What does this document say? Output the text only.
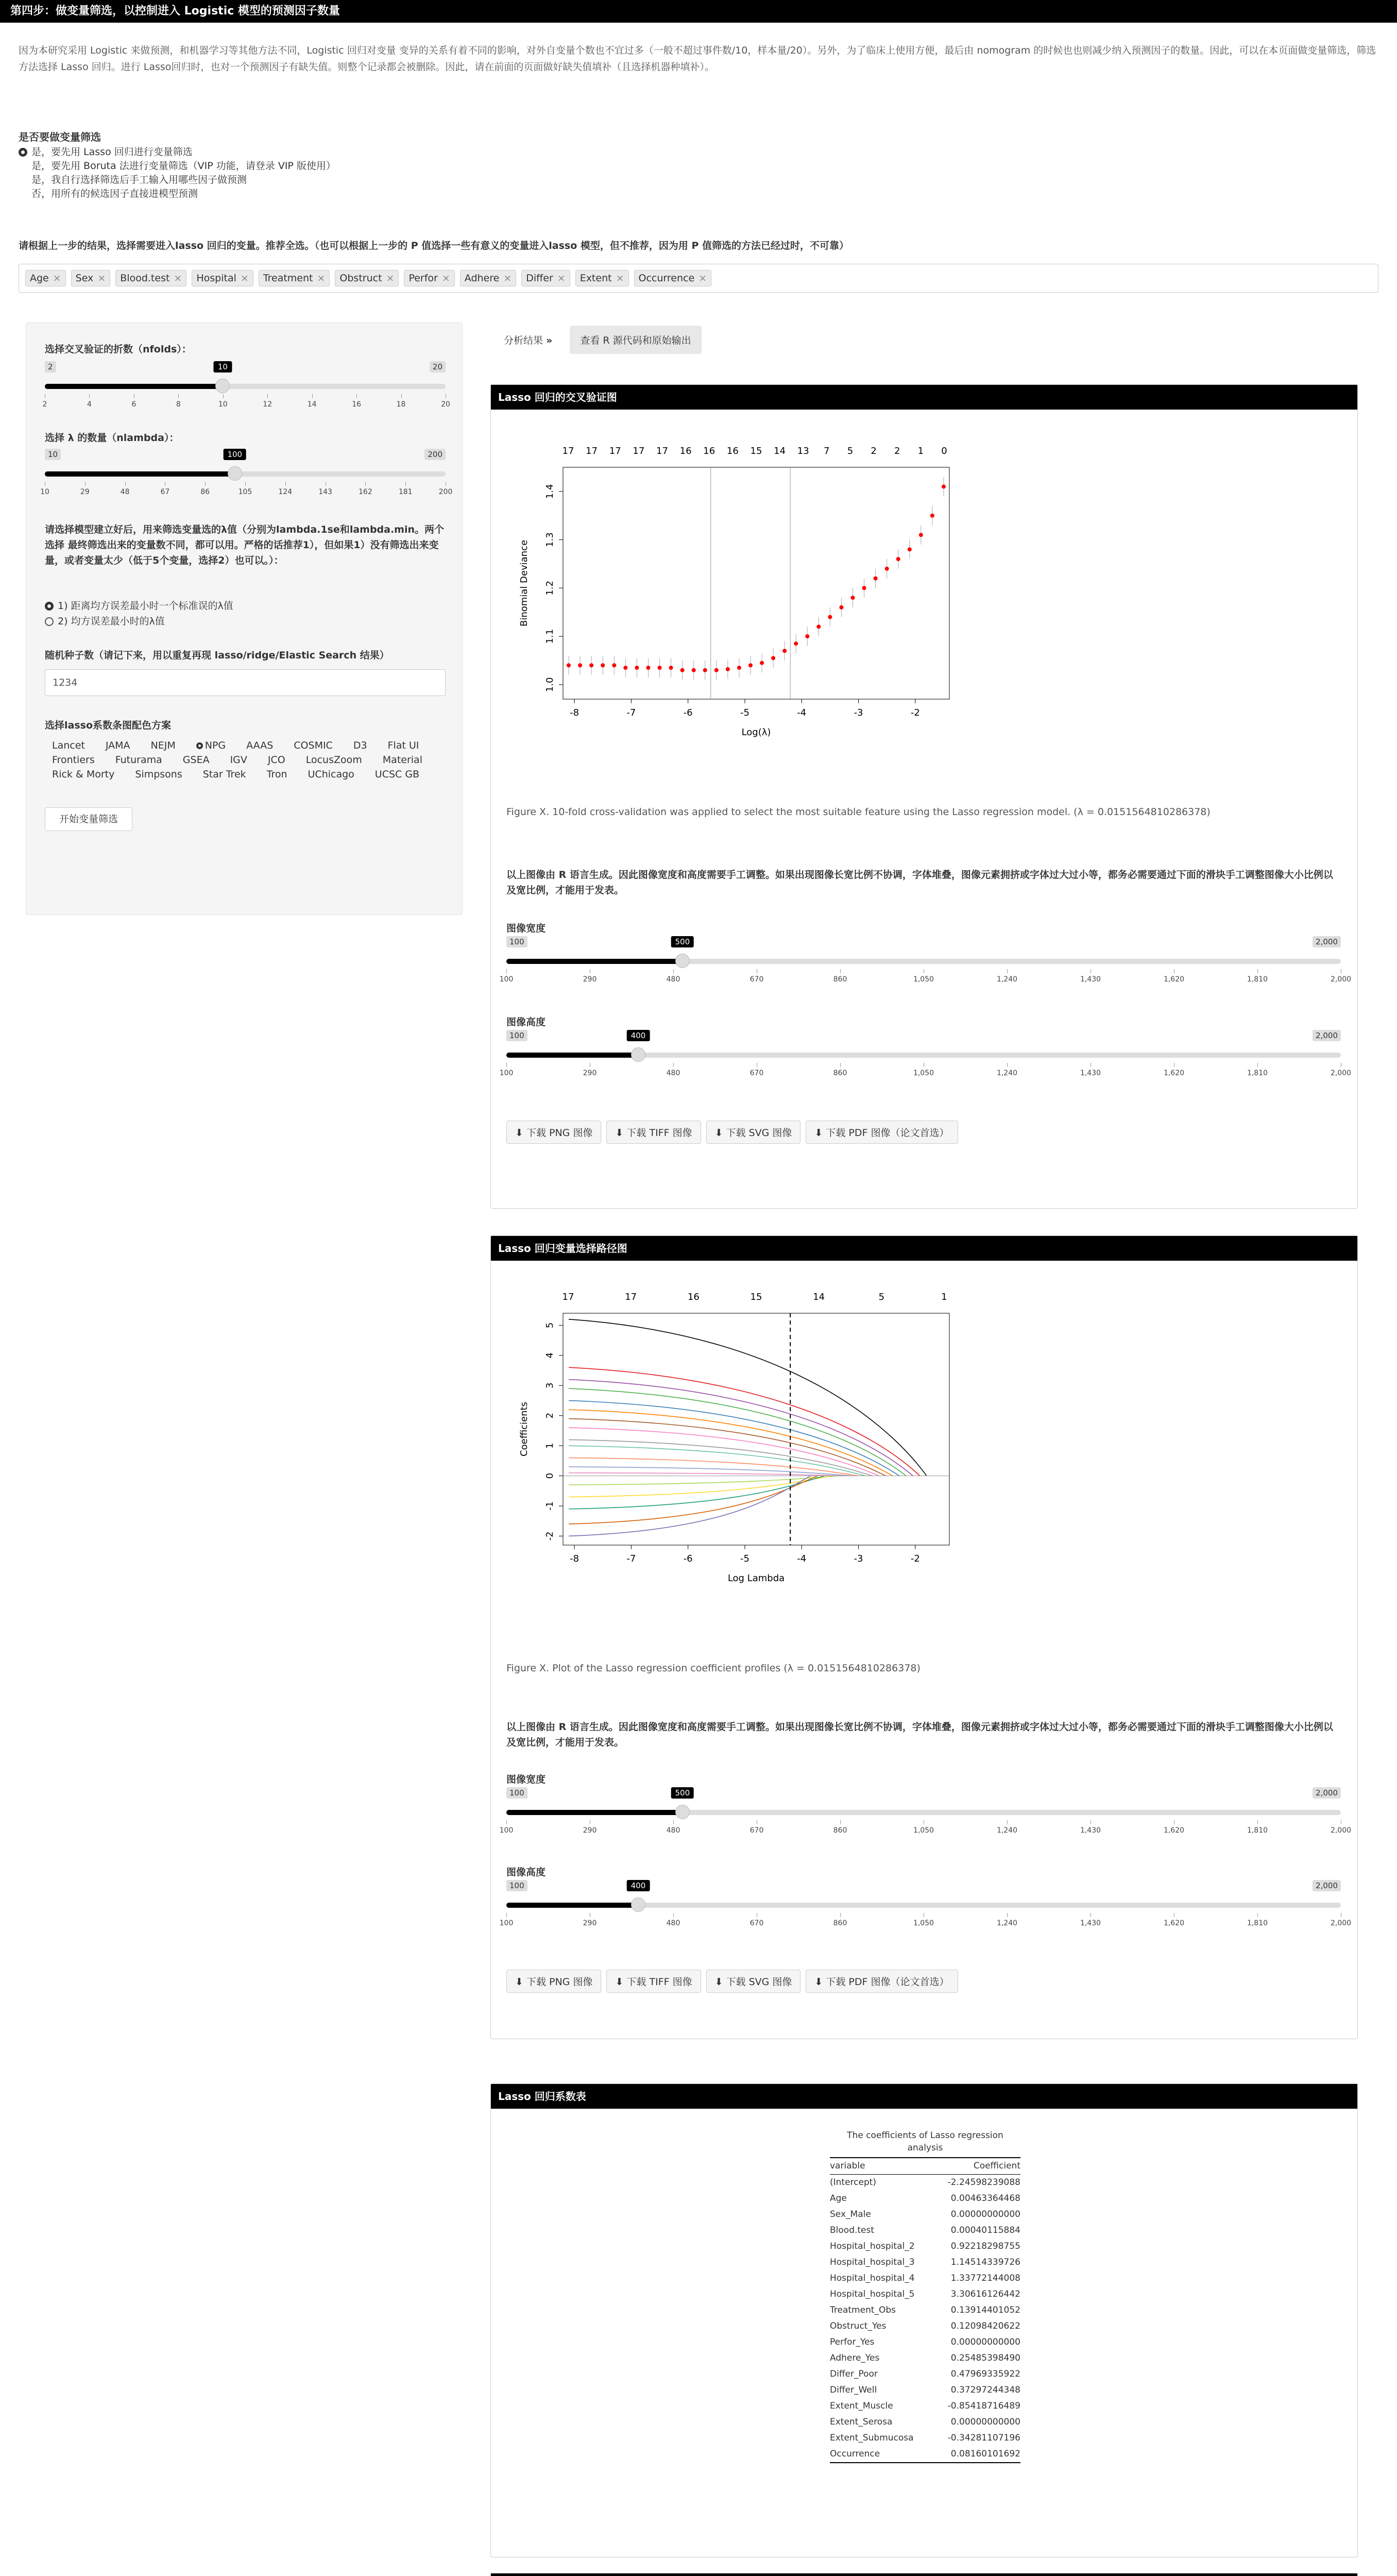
第四步：做变量筛选，以控制进入 Logistic 模型的预测因子数量
因为本研究采用 Logistic 来做预测，和机器学习等其他方法不同，Logistic 回归对变量 变异的关系有着不同的影响，对外自变量个数也不宜过多（一般不超过事件数/10，样本量/20）。另外，为了临床上使用方便，最后由 nomogram 的时候也也则减少纳入预测因子的数量。因此，可以在本页面做变量筛选，筛选方法选择 Lasso 回归。进行 Lasso回归时，也对一个预测因子有缺失值。则整个记录都会被删除。因此，请在前面的页面做好缺失值填补（且选择机器种填补）。
是否要做变量筛选
是，要先用 Lasso 回归进行变量筛选
是，要先用 Boruta 法进行变量筛选（VIP 功能，请登录 VIP 版使用）
是，我自行选择筛选后手工输入用哪些因子做预测
否，用所有的候选因子直接进模型预测
请根据上一步的结果，选择需要进入lasso 回归的变量。推荐全选。（也可以根据上一步的 P 值选择一些有意义的变量进入lasso 模型，但不推荐，因为用 P 值筛选的方法已经过时，不可靠）
Age × Sex × Blood.test × Hospital × Treatment × Obstruct × Perfor × Adhere × Differ × Extent × Occurrence ×
选择交叉验证的折数（nfolds）：
2	20
10
2	4	6	8	10	12	14	16	18	20
选择 λ 的数量（nlambda）：
10	200
100
10	29	48	67	86	105	124	143	162	181	200
请选择模型建立好后，用来筛选变量选的λ值（分别为lambda.1se和lambda.min。两个选择 最终筛选出来的变量数不同，都可以用。严格的话推荐1），但如果1）没有筛选出来变量，或者变量太少（低于5个变量，选择2）也可以。）：
1) 距离均方误差最小时一个标准误的λ值
2) 均方误差最小时的λ值
随机种子数（请记下来，用以重复再现 lasso/ridge/Elastic Search 结果）
1234
选择lasso系数条图配色方案
Lancet JAMA NEJM	NPG AAAS COSMIC D3 Flat UIFrontiers Futurama GSEA IGV JCO LocusZoom MaterialRick & Morty Simpsons Star Trek Tron UChicago UCSC GB
开始变量筛选
分析结果 »	查看 R 源代码和原始输出
Lasso 回归的交叉验证图
-8	-7	-6	-5	-4	-3	-2
1.0
1.1
1.2
1.3
1.4
17 17 17 17 17 16 16 16 15 14 13 7 5 2 2 1 0
Log(λ)
Binomial Deviance
Figure X. 10-fold cross-validation was applied to select the most suitable feature using the Lasso regression model. (λ = 0.0151564810286378)
以上图像由 R 语言生成。因此图像宽度和高度需要手工调整。如果出现图像长宽比例不协调，字体堆叠，图像元素拥挤或字体过大过小等，都务必需要通过下面的滑块手工调整图像大小比例以及宽比例，才能用于发表。
图像宽度
100	2,000
500
100	290	480	670	860	1,050	1,240	1,430	1,620	1,810	2,000
图像高度
100	2,000
400
100	290	480	670	860	1,050	1,240	1,430	1,620	1,810	2,000
⬇ 下载 PNG 图像	⬇ 下载 TIFF 图像	⬇ 下载 SVG 图像	⬇ 下载 PDF 图像（论文首选）
Lasso 回归变量选择路径图
-8	-7	-6	-5	-4	-3	-2
-2
-1
0
1
2
3
4
5
17	17	16	15	14	5	1
Log Lambda
Coefficients
Figure X. Plot of the Lasso regression coefficient profiles (λ = 0.0151564810286378)
以上图像由 R 语言生成。因此图像宽度和高度需要手工调整。如果出现图像长宽比例不协调，字体堆叠，图像元素拥挤或字体过大过小等，都务必需要通过下面的滑块手工调整图像大小比例以及宽比例，才能用于发表。
图像宽度
100	2,000
500
100	290	480	670	860	1,050	1,240	1,430	1,620	1,810	2,000
图像高度
100	2,000
400
100	290	480	670	860	1,050	1,240	1,430	1,620	1,810	2,000
⬇ 下载 PNG 图像	⬇ 下载 TIFF 图像	⬇ 下载 SVG 图像	⬇ 下载 PDF 图像（论文首选）
Lasso 回归系数表
The coefficients of Lasso regression analysis
variable	Coefficient
(Intercept)	-2.24598239088
Age	0.00463364468
Sex_Male	0.00000000000
Blood.test	0.00040115884
Hospital_hospital_2	0.92218298755
Hospital_hospital_3	1.14514339726
Hospital_hospital_4	1.33772144008
Hospital_hospital_5	3.30616126442
Treatment_Obs	0.13914401052
Obstruct_Yes	0.12098420622
Perfor_Yes	0.00000000000
Adhere_Yes	0.25485398490
Differ_Poor	0.47969335922
Differ_Well	0.37297244348
Extent_Muscle	-0.85418716489
Extent_Serosa	0.00000000000
Extent_Submucosa	-0.34281107196
Occurrence	0.08160101692
